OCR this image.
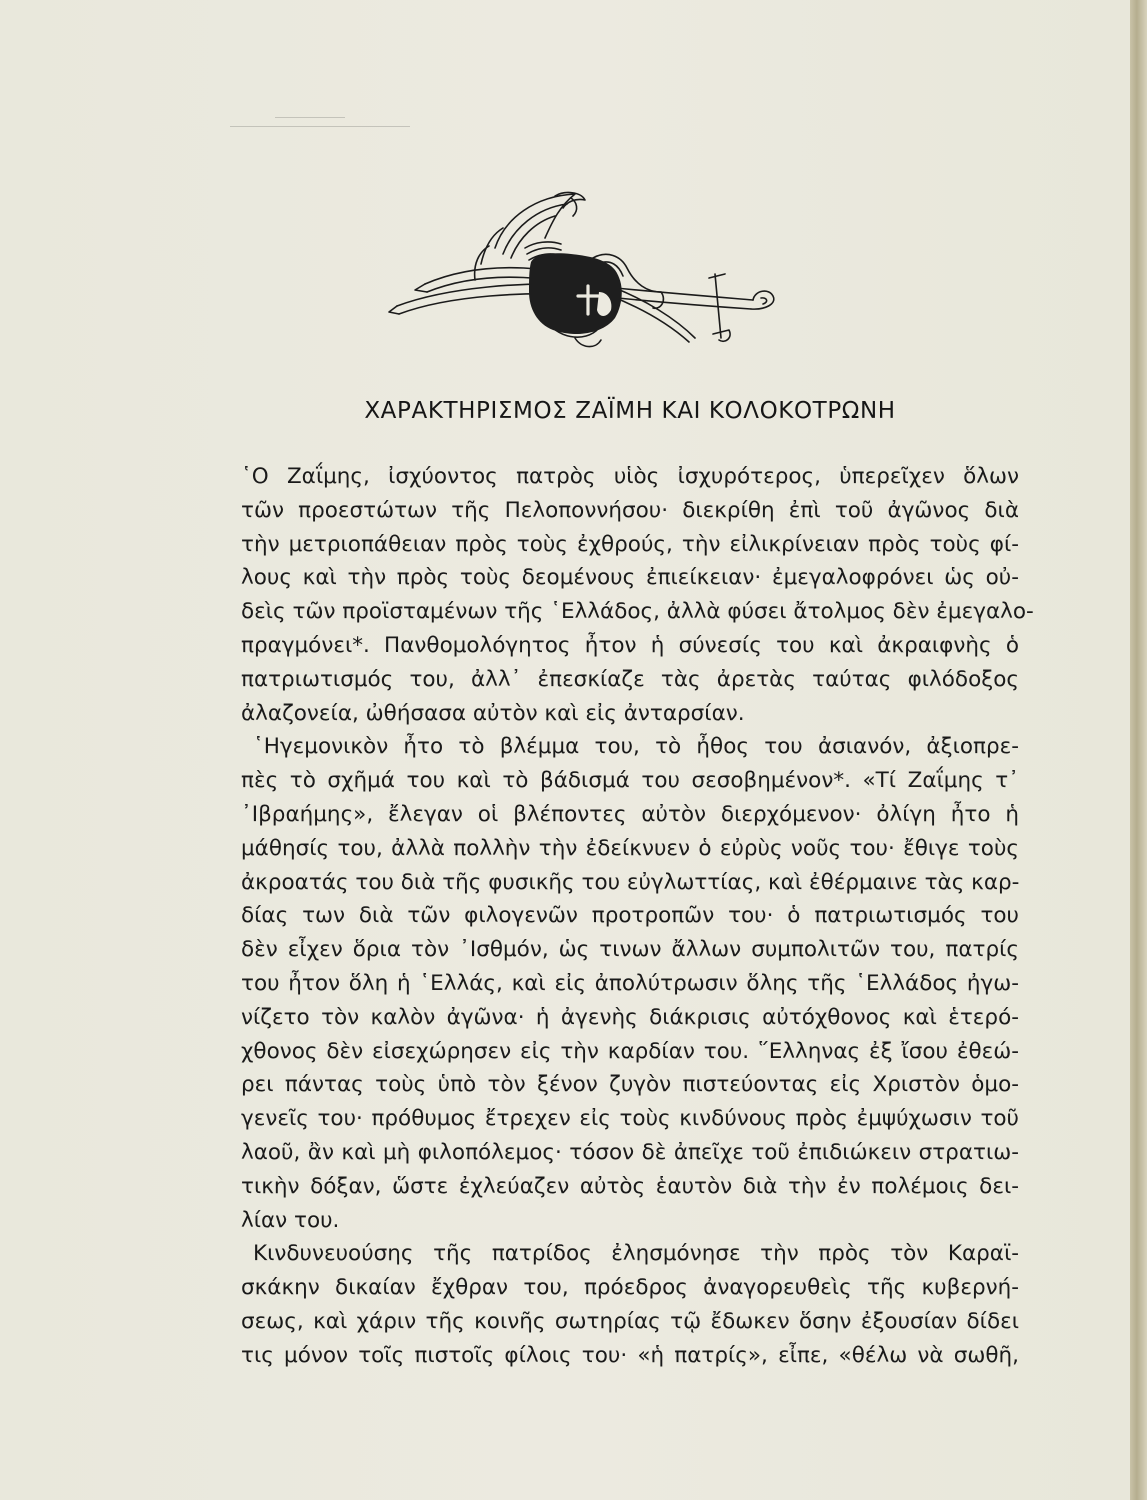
ΧΑΡΑΚΤΗΡΙΣΜΟΣ ΖΑΪΜΗ ΚΑΙ ΚΟΛΟΚΟΤΡΩΝΗ

῾Ο Ζαΐμης, ἰσχύοντος πατρὸς υἱὸς ἰσχυρότερος, ὑπερεῖχεν ὅλων
τῶν προεστώτων τῆς Πελοποννήσου· διεκρίθη ἐπὶ τοῦ ἀγῶνος διὰ
τὴν μετριοπάθειαν πρὸς τοὺς ἐχθρούς, τὴν εἰλικρίνειαν πρὸς τοὺς φί-
λους καὶ τὴν πρὸς τοὺς δεομένους ἐπιείκειαν· ἐμεγαλοφρόνει ὡς οὐ-
δεὶς τῶν προϊσταμένων τῆς ῾Ελλάδος, ἀλλὰ φύσει ἄτολμος δὲν ἐμεγαλο-
πραγμόνει*. Πανθομολόγητος ἦτον ἡ σύνεσίς του καὶ ἀκραιφνὴς ὁ
πατριωτισμός του, ἀλλ᾽ ἐπεσκίαζε τὰς ἀρετὰς ταύτας φιλόδοξος
ἀλαζονεία, ὠθήσασα αὐτὸν καὶ εἰς ἀνταρσίαν.

῾Ηγεμονικὸν ἦτο τὸ βλέμμα του, τὸ ἦθος του ἀσιανόν, ἀξιοπρε-
πὲς τὸ σχῆμά του καὶ τὸ βάδισμά του σεσοβημένον*. «Τί Ζαΐμης τ᾽
᾽Ιβραήμης», ἔλεγαν οἱ βλέποντες αὐτὸν διερχόμενον· ὀλίγη ἦτο ἡ
μάθησίς του, ἀλλὰ πολλὴν τὴν ἐδείκνυεν ὁ εὐρὺς νοῦς του· ἔθιγε τοὺς
ἀκροατάς του διὰ τῆς φυσικῆς του εὐγλωττίας, καὶ ἐθέρμαινε τὰς καρ-
δίας των διὰ τῶν φιλογενῶν προτροπῶν του· ὁ πατριωτισμός του
δὲν εἶχεν ὅρια τὸν ᾽Ισθμόν, ὡς τινων ἄλλων συμπολιτῶν του, πατρίς
του ἦτον ὅλη ἡ ῾Ελλάς, καὶ εἰς ἀπολύτρωσιν ὅλης τῆς ῾Ελλάδος ἠγω-
νίζετο τὸν καλὸν ἀγῶνα· ἡ ἀγενὴς διάκρισις αὐτόχθονος καὶ ἑτερό-
χθονος δὲν εἰσεχώρησεν εἰς τὴν καρδίαν του. ῞Ελληνας ἐξ ἴσου ἐθεώ-
ρει πάντας τοὺς ὑπὸ τὸν ξένον ζυγὸν πιστεύοντας εἰς Χριστὸν ὁμο-
γενεῖς του· πρόθυμος ἔτρεχεν εἰς τοὺς κινδύνους πρὸς ἐμψύχωσιν τοῦ
λαοῦ, ἂν καὶ μὴ φιλοπόλεμος· τόσον δὲ ἀπεῖχε τοῦ ἐπιδιώκειν στρατιω-
τικὴν δόξαν, ὥστε ἐχλεύαζεν αὐτὸς ἑαυτὸν διὰ τὴν ἐν πολέμοις δει-
λίαν του.

Κινδυνευούσης τῆς πατρίδος ἐλησμόνησε τὴν πρὸς τὸν Καραϊ-
σκάκην δικαίαν ἔχθραν του, πρόεδρος ἀναγορευθεὶς τῆς κυβερνή-
σεως, καὶ χάριν τῆς κοινῆς σωτηρίας τῷ ἔδωκεν ὅσην ἐξουσίαν δίδει
τις μόνον τοῖς πιστοῖς φίλοις του· «ἡ πατρίς», εἶπε, «θέλω νὰ σωθῆ,
